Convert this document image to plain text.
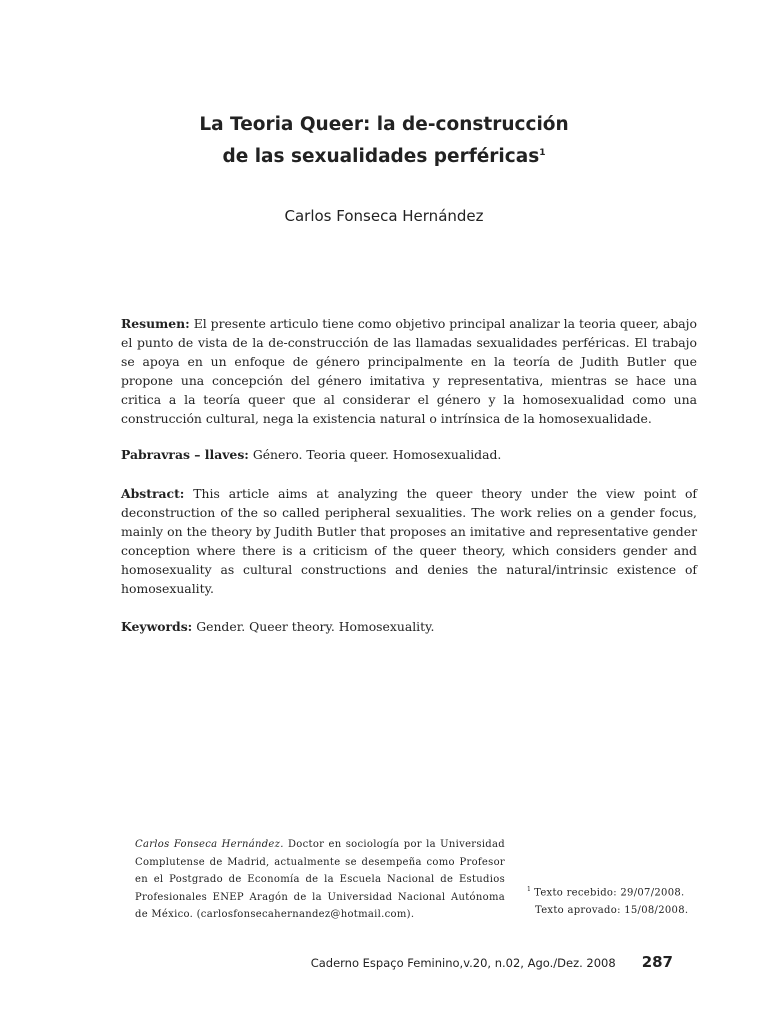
La Teoria Queer: la de-construcción
de las sexualidades perféricas$^1$
Carlos Fonseca Hernández
Resumen: El presente articulo tiene como objetivo principal analizar la teoria queer, abajo el punto de vista de la de-construcción de las llamadas sexualidades perféricas. El trabajo se apoya en un enfoque de género principalmente en la teoría de Judith Butler que propone una concepción del género imitativa y representativa, mientras se hace una critica a la teoría queer que al considerar el género y la homosexualidad como una construcción cultural, nega la existencia natural o intrínsica de la homosexualidade.
Pabravras – llaves: Género. Teoria queer. Homosexualidad.
Abstract: This article aims at analyzing the queer theory under the view point of deconstruction of the so called peripheral sexualities. The work relies on a gender focus, mainly on the theory by Judith Butler that proposes an imitative and representative gender conception where there is a criticism of the queer theory, which considers gender and homosexuality as cultural constructions and denies the natural/intrinsic existence of homosexuality.
Keywords: Gender. Queer theory. Homosexuality.
Carlos Fonseca Hernández. Doctor en sociología por la Universidad Complutense de Madrid, actualmente se desempeña como Profesor en el Postgrado de Economía de la Escuela Nacional de Estudios Profesionales ENEP Aragón de la Universidad Nacional Autónoma de México. (carlosfonsecahernandez@hotmail.com).
$^1$ Texto recebido: 29/07/2008.
Texto aprovado: 15/08/2008.
Caderno Espaço Feminino,v.20, n.02, Ago./Dez. 2008 287
